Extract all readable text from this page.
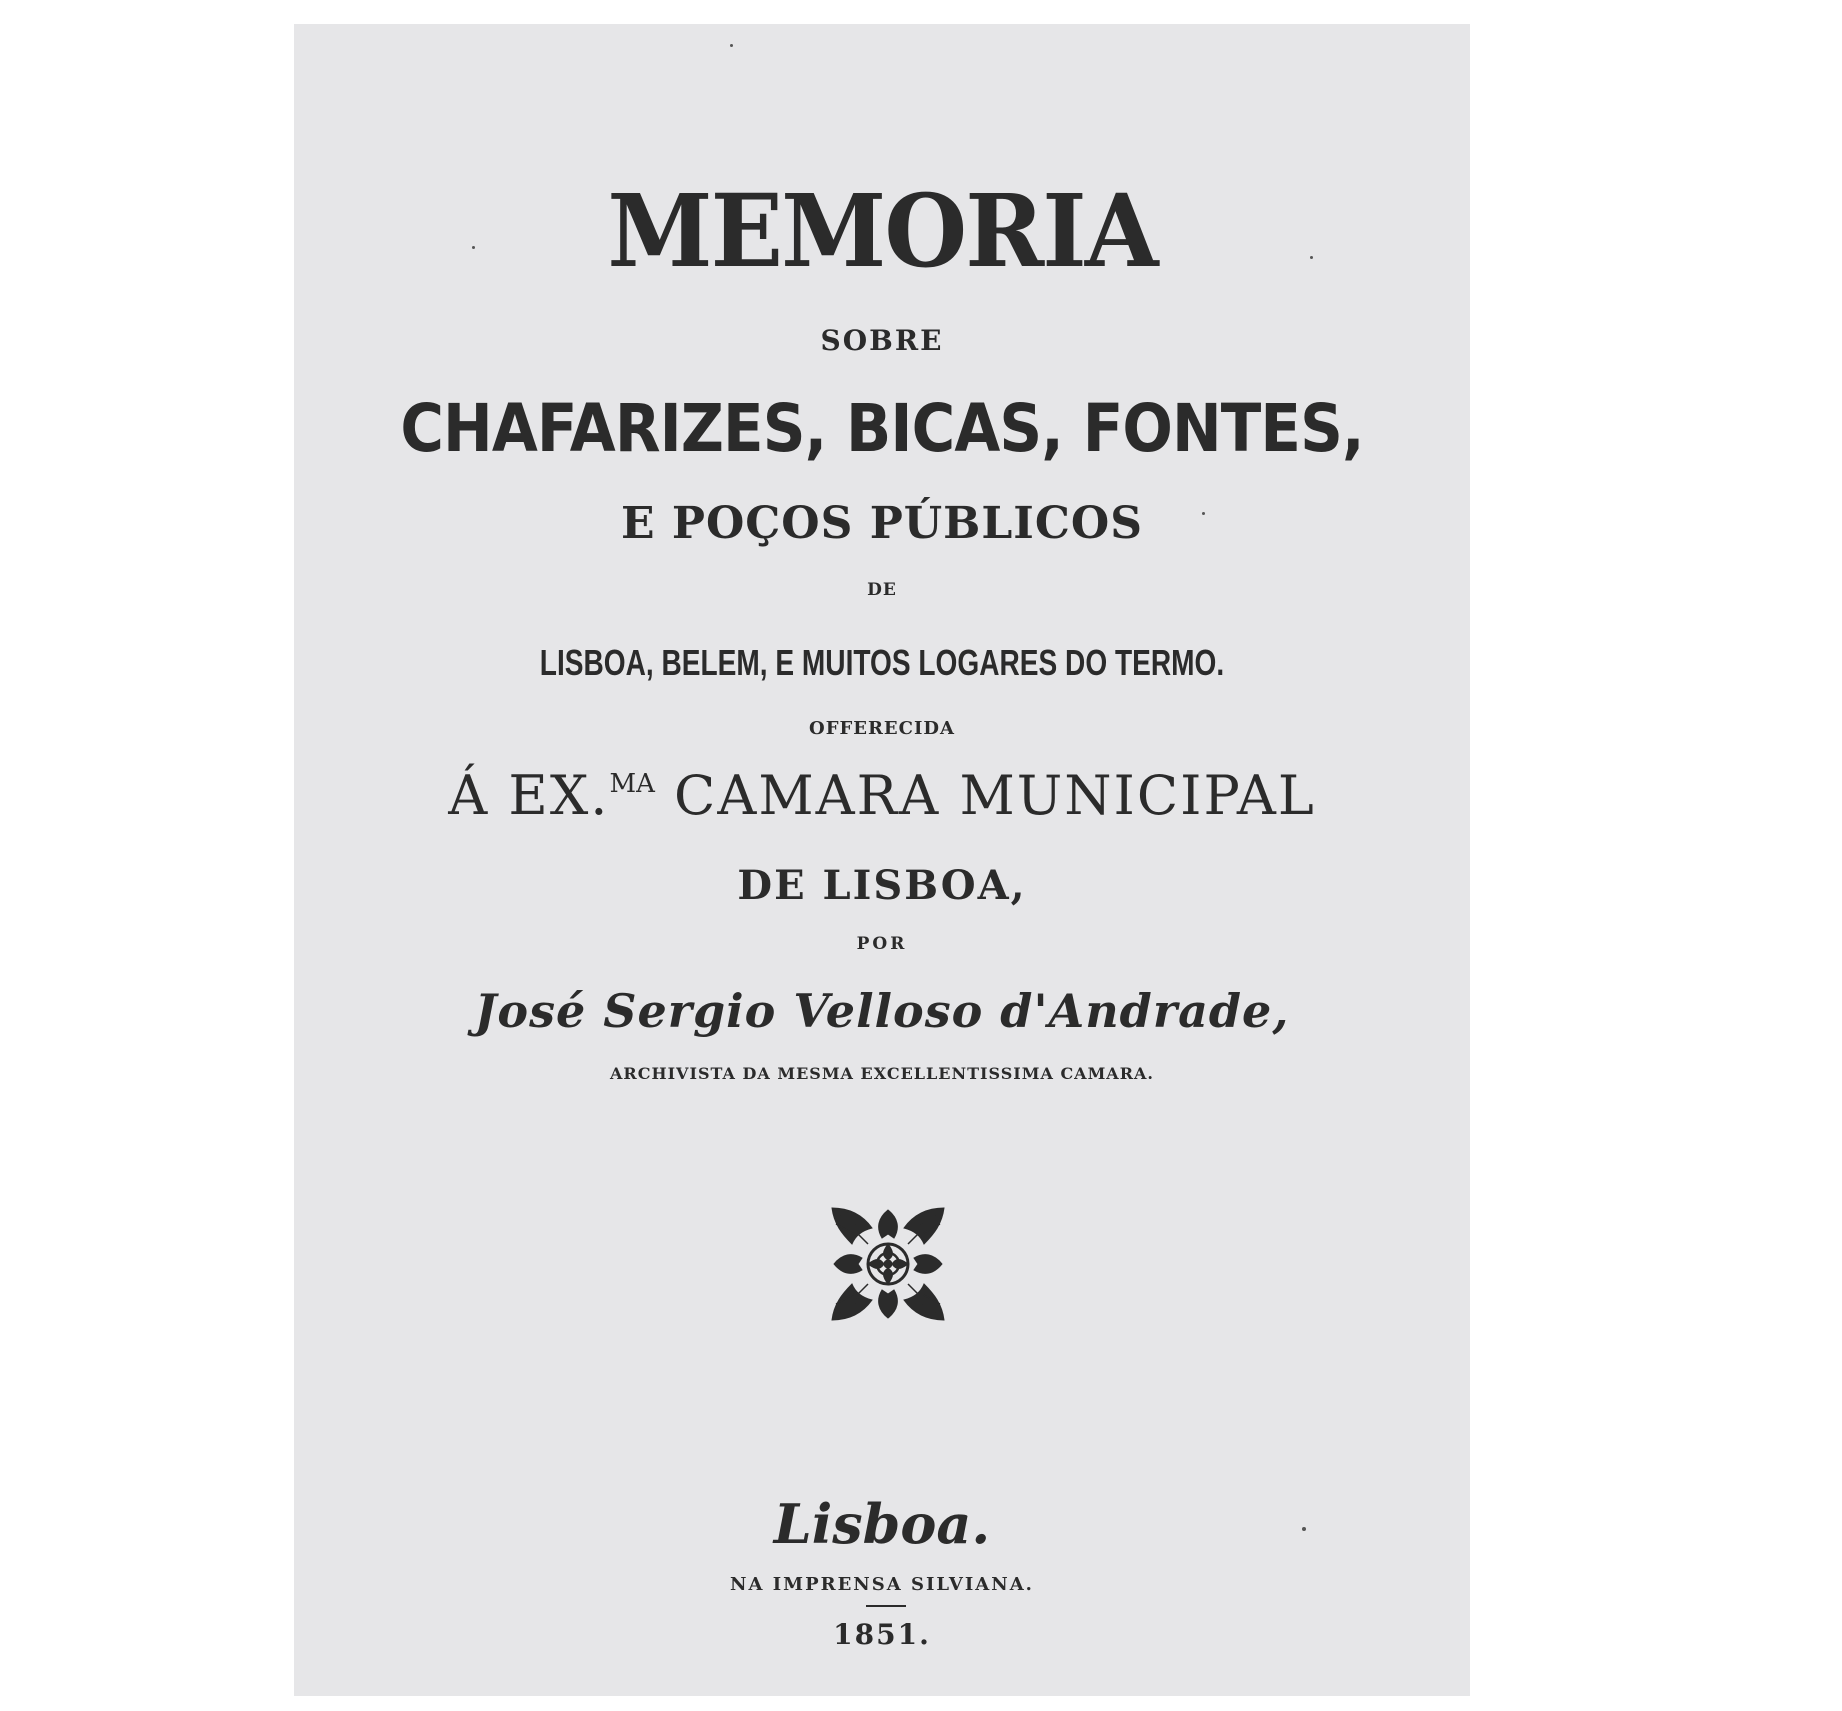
MEMORIA
SOBRE
CHAFARIZES, BICAS, FONTES,
E POÇOS PÚBLICOS
DE
LISBOA, BELEM, E MUITOS LOGARES DO TERMO.
OFFERECIDA
Á EX.$^{MA}$ CAMARA MUNICIPAL
DE LISBOA,
POR
José Sergio Velloso d'Andrade,
ARCHIVISTA DA MESMA EXCELLENTISSIMA CAMARA.
Lisboa.
NA IMPRENSA SILVIANA.
1851.
